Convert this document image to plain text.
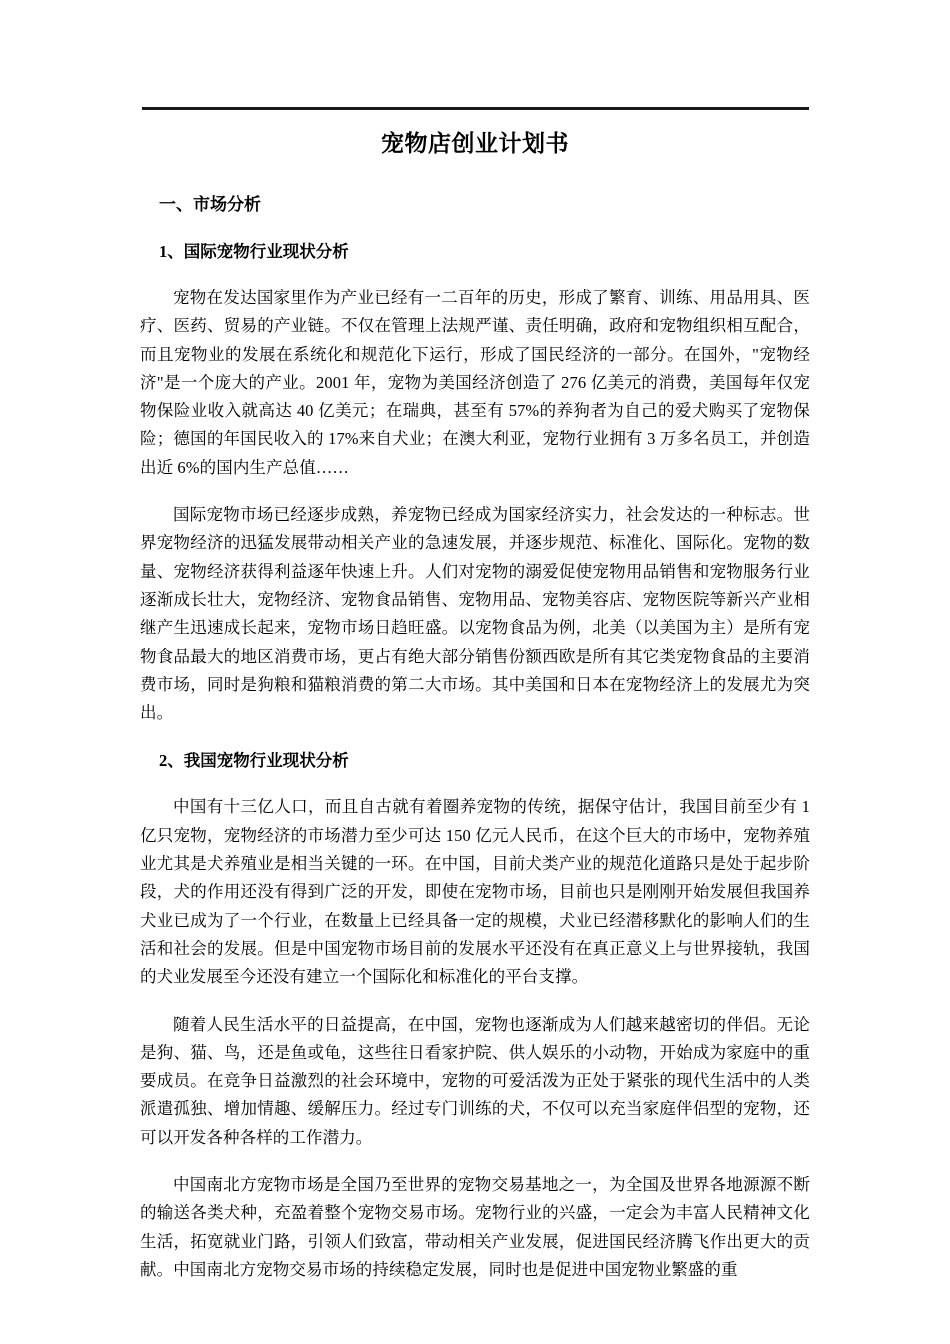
宠物店创业计划书
一、市场分析
1、国际宠物行业现状分析

宠物在发达国家里作为产业已经有一二百年的历史，形成了繁育、训练、用品用具、医疗、医药、贸易的产业链。不仅在管理上法规严谨、责任明确，政府和宠物组织相互配合，而且宠物业的发展在系统化和规范化下运行，形成了国民经济的一部分。在国外，"宠物经济"是一个庞大的产业。2001 年，宠物为美国经济创造了 276 亿美元的消费，美国每年仅宠物保险业收入就高达 40 亿美元；在瑞典，甚至有 57%的养狗者为自己的爱犬购买了宠物保险；德国的年国民收入的 17%来自犬业；在澳大利亚，宠物行业拥有 3 万多名员工，并创造出近 6%的国内生产总值……

国际宠物市场已经逐步成熟，养宠物已经成为国家经济实力，社会发达的一种标志。世界宠物经济的迅猛发展带动相关产业的急速发展，并逐步规范、标准化、国际化。宠物的数量、宠物经济获得利益逐年快速上升。人们对宠物的溺爱促使宠物用品销售和宠物服务行业逐渐成长壮大，宠物经济、宠物食品销售、宠物用品、宠物美容店、宠物医院等新兴产业相继产生迅速成长起来，宠物市场日趋旺盛。以宠物食品为例，北美（以美国为主）是所有宠物食品最大的地区消费市场，更占有绝大部分销售份额西欧是所有其它类宠物食品的主要消费市场，同时是狗粮和猫粮消费的第二大市场。其中美国和日本在宠物经济上的发展尤为突出。

2、我国宠物行业现状分析

中国有十三亿人口，而且自古就有着圈养宠物的传统，据保守估计，我国目前至少有 1 亿只宠物，宠物经济的市场潜力至少可达 150 亿元人民币，在这个巨大的市场中，宠物养殖业尤其是犬养殖业是相当关键的一环。在中国，目前犬类产业的规范化道路只是处于起步阶段，犬的作用还没有得到广泛的开发，即使在宠物市场，目前也只是刚刚开始发展但我国养犬业已成为了一个行业，在数量上已经具备一定的规模，犬业已经潜移默化的影响人们的生活和社会的发展。但是中国宠物市场目前的发展水平还没有在真正意义上与世界接轨，我国的犬业发展至今还没有建立一个国际化和标准化的平台支撑。

随着人民生活水平的日益提高，在中国，宠物也逐渐成为人们越来越密切的伴侣。无论是狗、猫、鸟，还是鱼或龟，这些往日看家护院、供人娱乐的小动物，开始成为家庭中的重要成员。在竞争日益激烈的社会环境中，宠物的可爱活泼为正处于紧张的现代生活中的人类派遣孤独、增加情趣、缓解压力。经过专门训练的犬，不仅可以充当家庭伴侣型的宠物，还可以开发各种各样的工作潜力。

中国南北方宠物市场是全国乃至世界的宠物交易基地之一，为全国及世界各地源源不断的输送各类犬种，充盈着整个宠物交易市场。宠物行业的兴盛，一定会为丰富人民精神文化生活，拓宽就业门路，引领人们致富，带动相关产业发展，促进国民经济腾飞作出更大的贡献。中国南北方宠物交易市场的持续稳定发展，同时也是促进中国宠物业繁盛的重
